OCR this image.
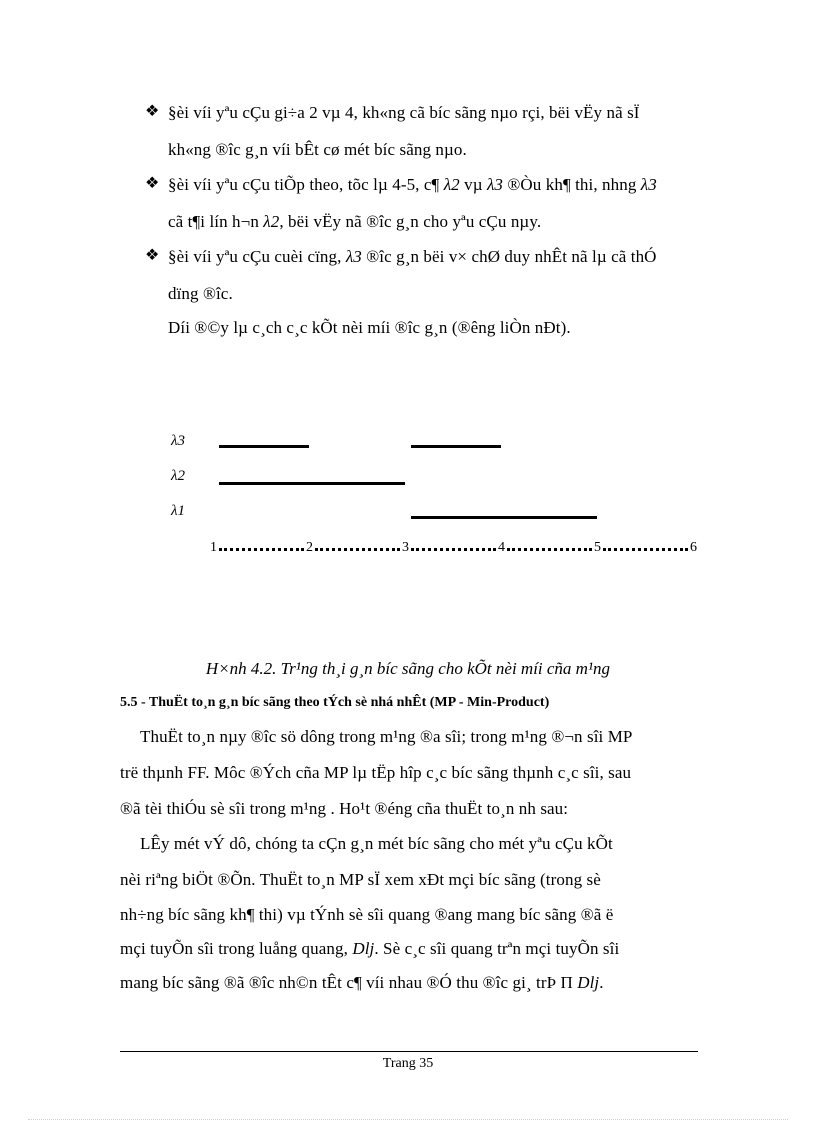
❖ §èi víi yªu cÇu gi÷a 2 vµ 4, kh«ng cã bíc sãng nµo rçi, bëi vËy nã sÏ
kh«ng ®îc g¸n víi bÊt cø mét bíc sãng nµo.
❖ §èi víi yªu cÇu tiÕp theo, tõc lµ 4-5, c¶ λ2 vµ λ3 ®Òu kh¶ thi, nhng λ3
cã t¶i lín h¬n λ2, bëi vËy nã ®îc g¸n cho yªu cÇu nµy.
❖ §èi víi yªu cÇu cuèi cïng, λ3 ®îc g¸n bëi v× chØ duy nhÊt nã lµ cã thÓ
dïng ®îc.
Díi ®©y lµ c¸ch c¸c kÕt nèi míi ®îc g¸n (®êng liÒn nÐt).
λ3
λ2
λ1
1	2	3	4	5	6
H×nh 4.2. Tr¹ng th¸i g¸n bíc sãng cho kÕt nèi míi cña m¹ng
5.5 - ThuËt to¸n g¸n bíc sãng theo tÝch sè nhá nhÊt (MP - Min-Product)
ThuËt to¸n nµy ®îc sö dông trong m¹ng ®a sîi; trong m¹ng ®¬n sîi MP
trë thµnh FF. Môc ®Ých cña MP lµ tËp hîp c¸c bíc sãng thµnh c¸c sîi, sau
®ã tèi thiÓu sè sîi trong m¹ng . Ho¹t ®éng cña thuËt to¸n nh sau:
LÊy mét vÝ dô, chóng ta cÇn g¸n mét bíc sãng cho mét yªu cÇu kÕt
nèi riªng biÖt ®Õn. ThuËt to¸n MP sÏ xem xÐt mçi bíc sãng (trong sè
nh÷ng bíc sãng kh¶ thi) vµ tÝnh sè sîi quang ®ang mang bíc sãng ®ã ë
mçi tuyÕn sîi trong luång quang, Dlj. Sè c¸c sîi quang trªn mçi tuyÕn sîi
mang bíc sãng ®ã ®îc nh©n tÊt c¶ víi nhau ®Ó thu ®îc gi¸ trÞ Π Dlj.
Trang 35
